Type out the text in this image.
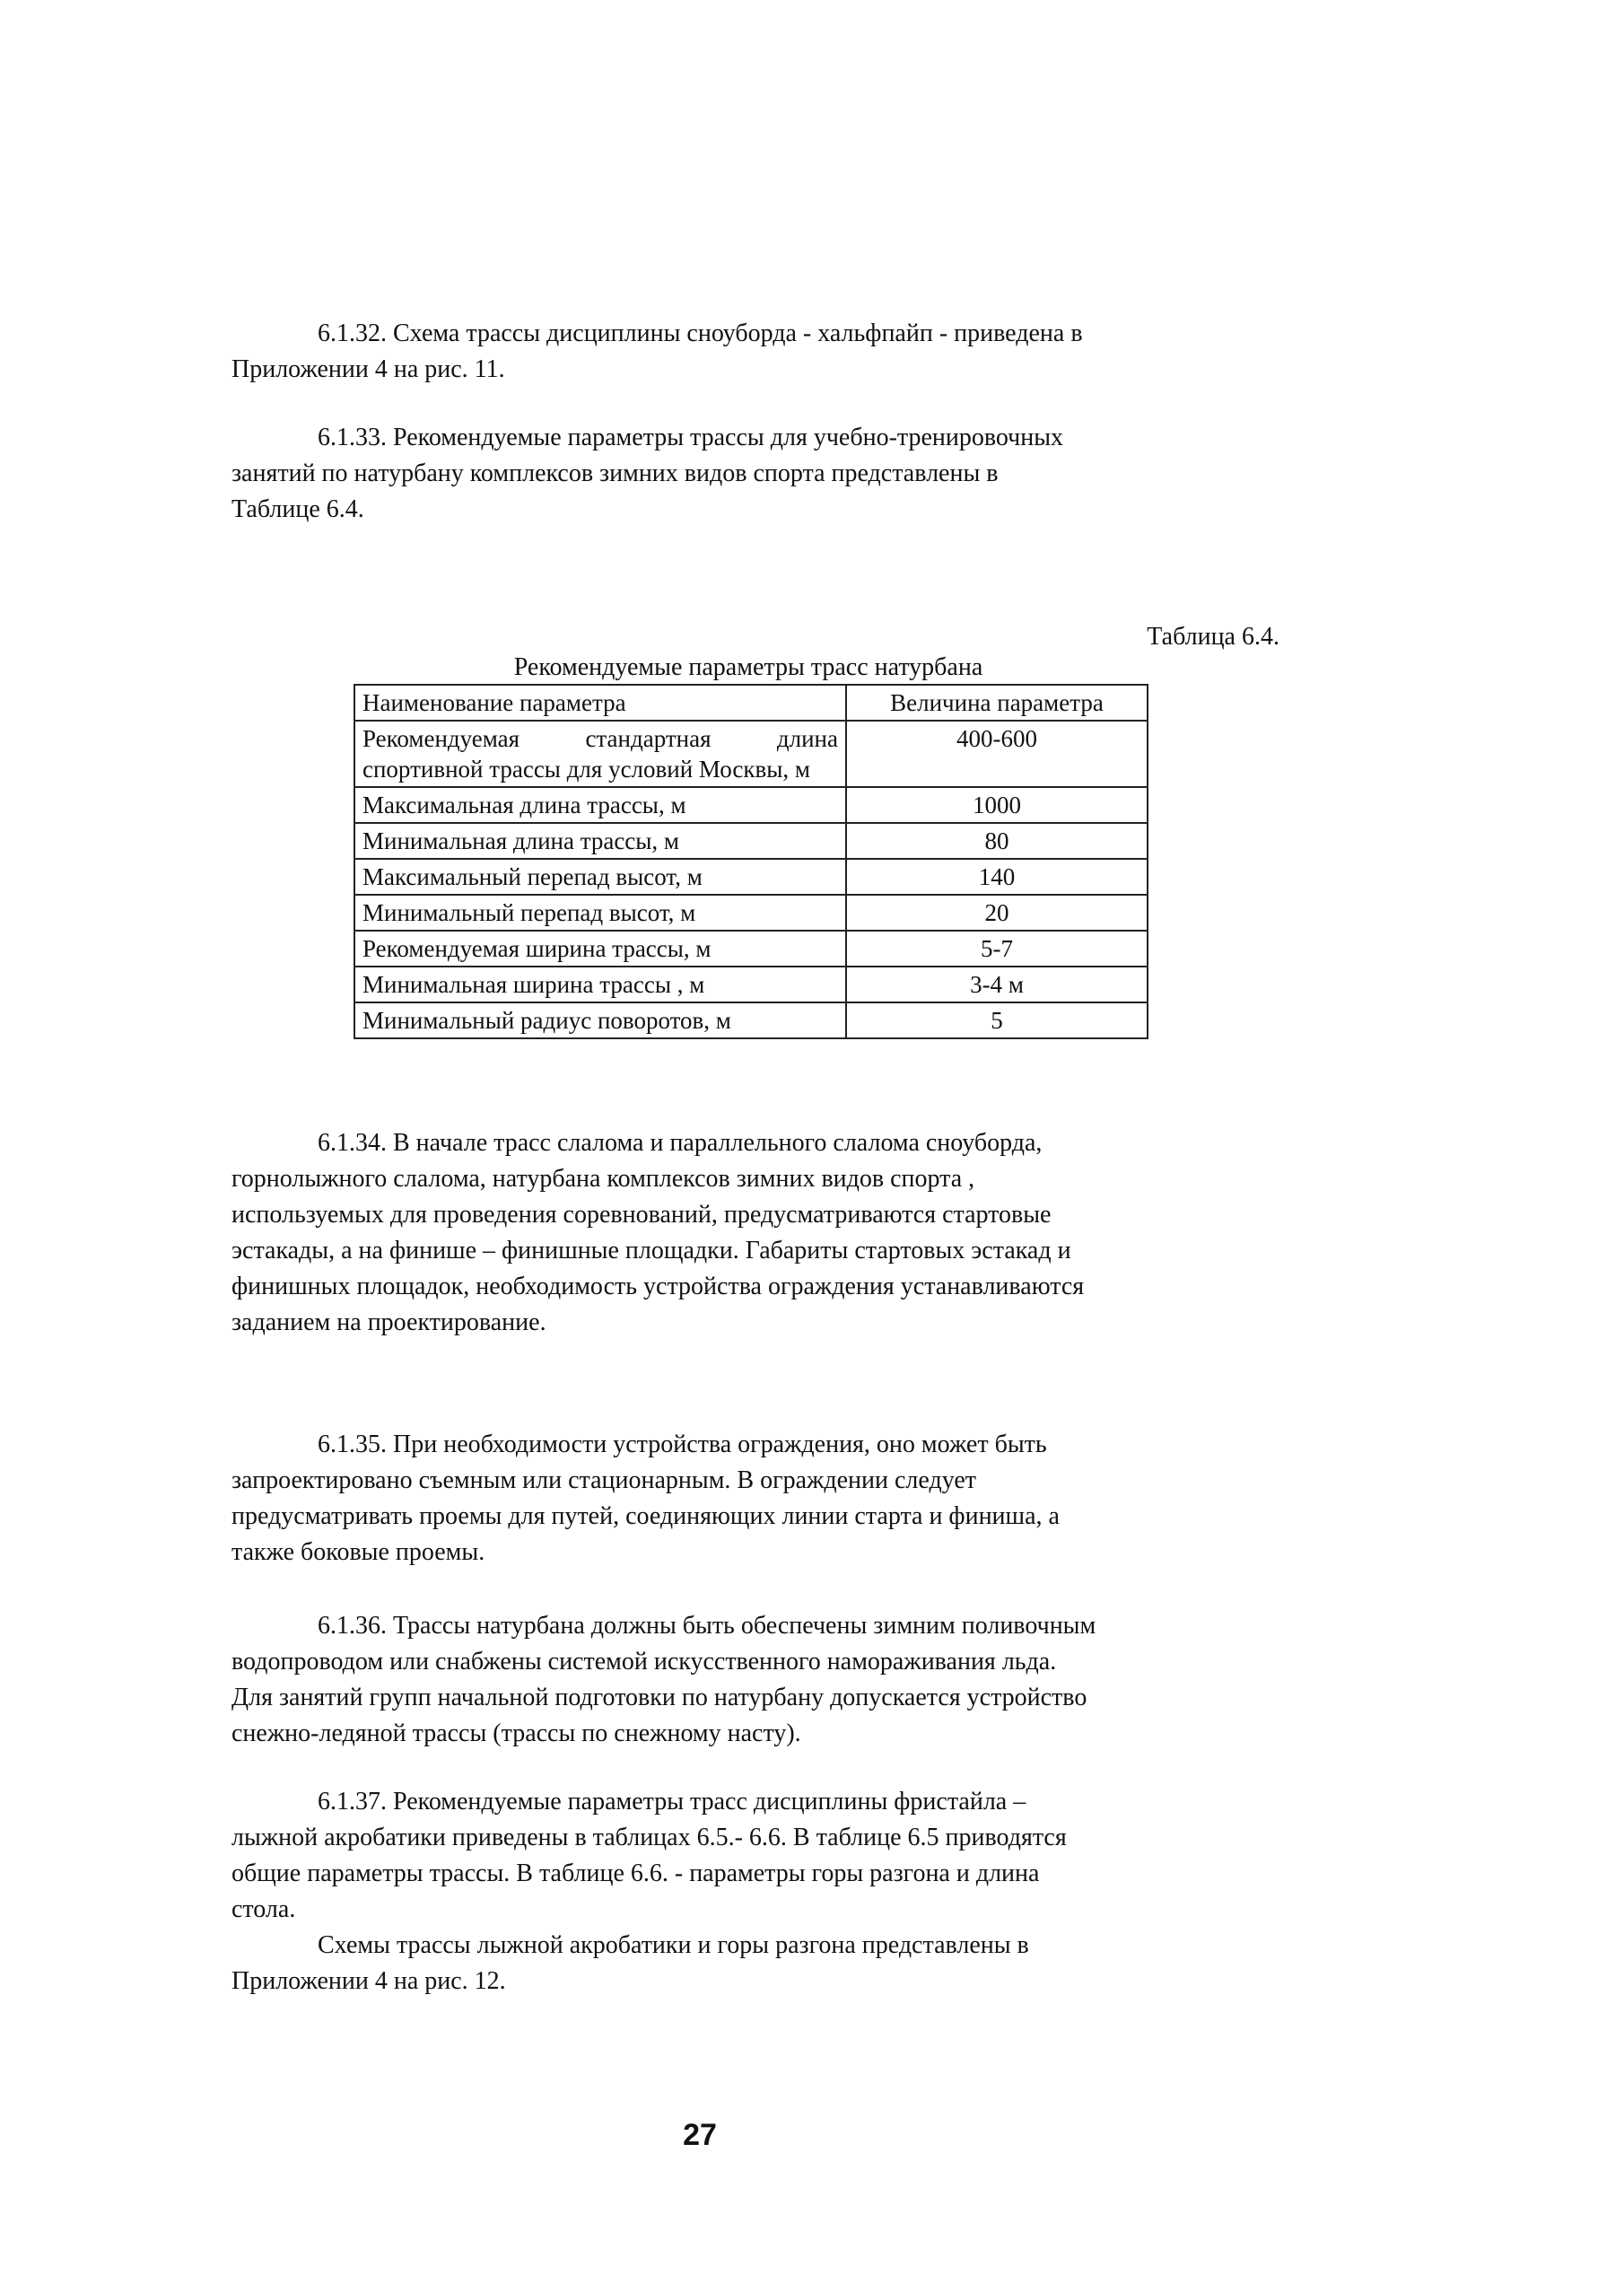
6.1.32. Схема трассы дисциплины сноуборда - хальфпайп - приведена в
Приложении 4 на рис. 11.

6.1.33. Рекомендуемые параметры трассы для учебно-тренировочных
занятий по натурбану комплексов зимних видов спорта представлены в
Таблице 6.4.

Таблица 6.4.
Рекомендуемые параметры трасс натурбана
Наименование параметра	Величина параметра
Рекомендуемая стандартная длина спортивной трассы для условий Москвы, м	400-600
Максимальная длина трассы, м	1000
Минимальная длина трассы, м	80
Максимальный перепад высот, м	140
Минимальный перепад высот, м	20
Рекомендуемая ширина трассы, м	5-7
Минимальная ширина трассы , м	3-4 м
Минимальный радиус поворотов, м	5

6.1.34. В начале трасс слалома и параллельного слалома сноуборда,
горнолыжного слалома, натурбана комплексов зимних видов спорта ,
используемых для проведения соревнований, предусматриваются стартовые
эстакады, а на финише – финишные площадки. Габариты стартовых эстакад и
финишных площадок, необходимость устройства ограждения устанавливаются
заданием на проектирование.

6.1.35. При необходимости устройства ограждения, оно может быть
запроектировано съемным или стационарным. В ограждении следует
предусматривать проемы для путей, соединяющих линии старта и финиша, а
также боковые проемы.

6.1.36. Трассы натурбана должны быть обеспечены зимним поливочным
водопроводом или снабжены системой искусственного намораживания льда.
Для занятий групп начальной подготовки по натурбану допускается устройство
снежно-ледяной трассы (трассы по снежному насту).

6.1.37. Рекомендуемые параметры трасс дисциплины фристайла –
лыжной акробатики приведены в таблицах 6.5.- 6.6. В таблице 6.5 приводятся
общие параметры трассы. В таблице 6.6. - параметры горы разгона и длина
стола.
Схемы трассы лыжной акробатики и горы разгона представлены в
Приложении 4 на рис. 12.

27
